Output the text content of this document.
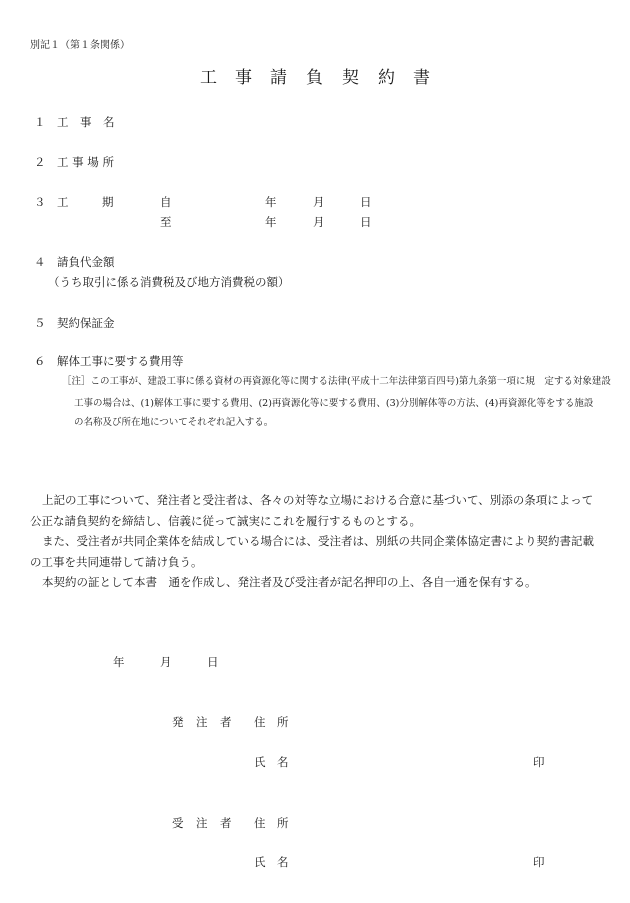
別記１（第１条関係）
工 事 請 負 契 約 書
１ 工　事　名
２ 工 事 場 所
３ 工	期	自	年	月	日
至	年	月	日
４ 請負代金額
（うち取引に係る消費税及び地方消費税の額）
５ 契約保証金
６ 解体工事に要する費用等
［注］この工事が、建設工事に係る資材の再資源化等に関する法律(平成十二年法律第百四号)第九条第一項に規　定する対象建設
工事の場合は、(1)解体工事に要する費用、(2)再資源化等に要する費用、(3)分別解体等の方法、(4)再資源化等をする施設
の名称及び所在地についてそれぞれ記入する。
上記の工事について、発注者と受注者は、各々の対等な立場における合意に基づいて、別添の条項によって公正な請負契約を締結し、信義に従って誠実にこれを履行するものとする。
また、受注者が共同企業体を結成している場合には、受注者は、別紙の共同企業体協定書により契約書記載の工事を共同連帯して請け負う。
本契約の証として本書　通を作成し、発注者及び受注者が記名押印の上、各自一通を保有する。
年	月	日
発 注 者 住　所
氏　名	印
受 注 者 住　所
氏　名	印
